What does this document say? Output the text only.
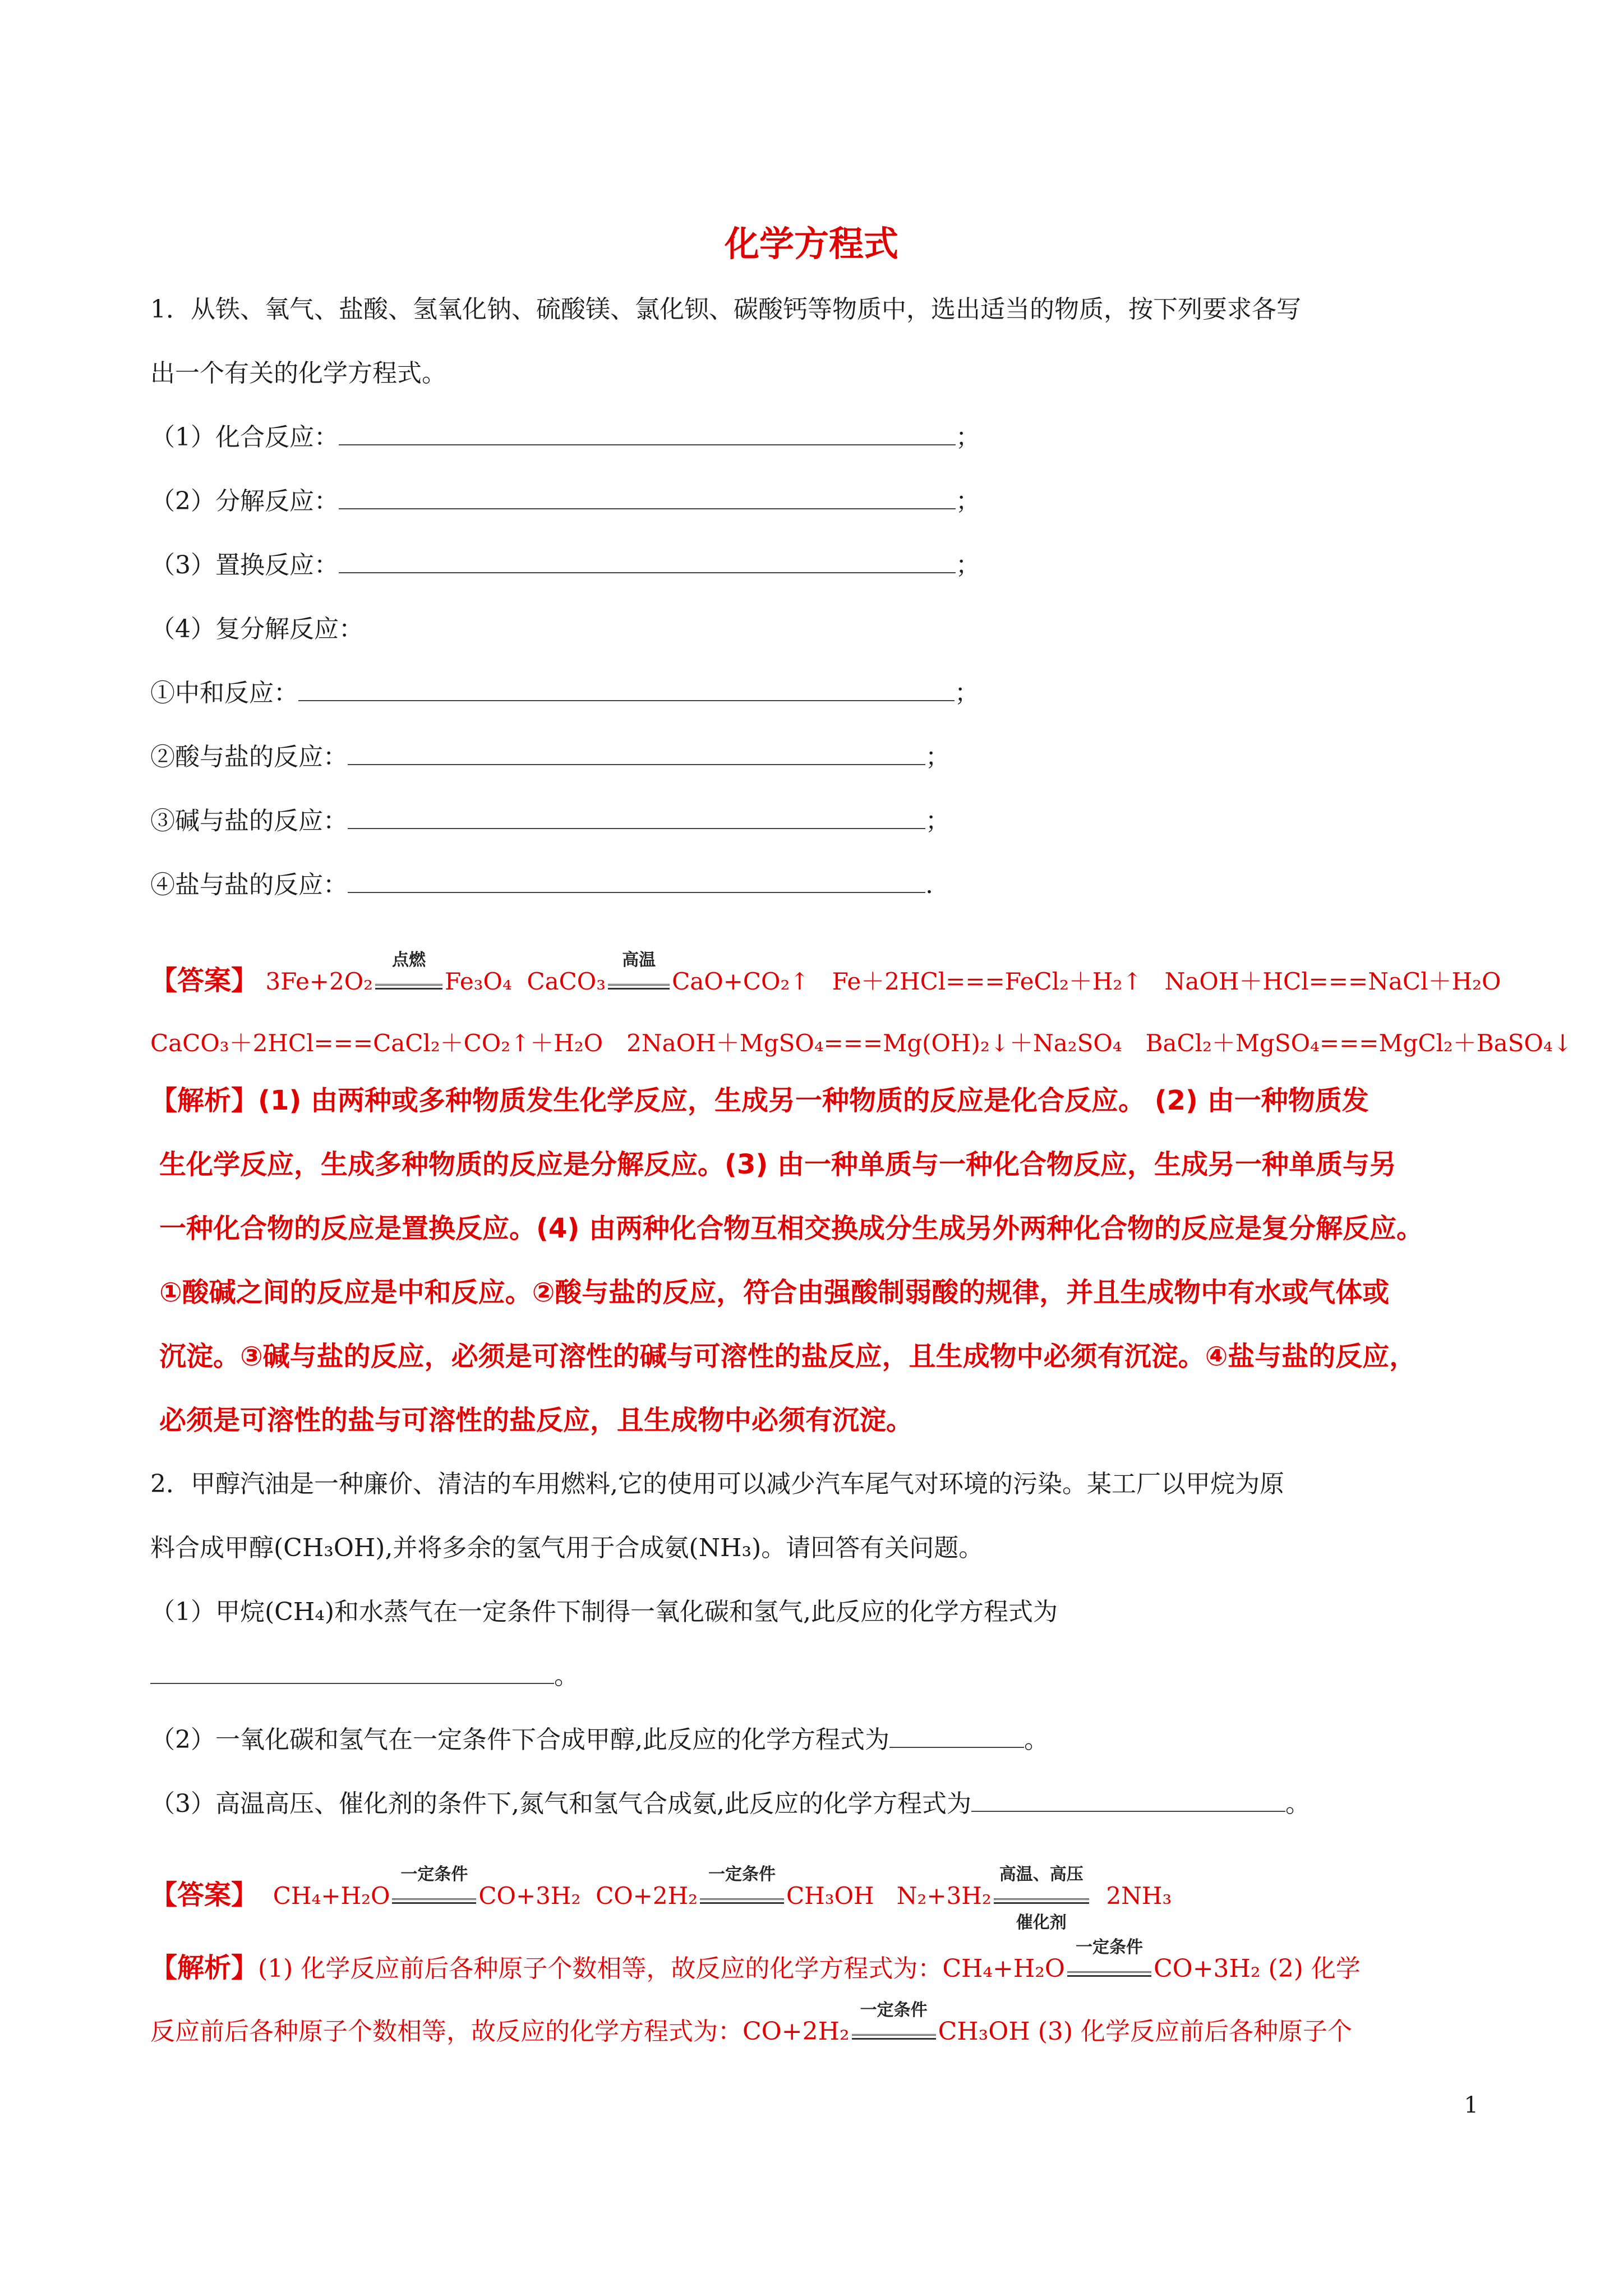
化学方程式
1．从铁、氧气、盐酸、氢氧化钠、硫酸镁、氯化钡、碳酸钙等物质中，选出适当的物质，按下列要求各写
出一个有关的化学方程式。
（1）化合反应：	；
（2）分解反应：	；
（3）置换反应：	；
（4）复分解反应：
①中和反应：	；
②酸与盐的反应：	；
③碱与盐的反应：	；
④盐与盐的反应：	.
【答案】 3Fe+2O₂
点燃
Fe₃O₄ CaCO₃
高温
CaO+CO₂↑ Fe＋2HCl===FeCl₂＋H₂↑ NaOH＋HCl===NaCl＋H₂O
CaCO₃＋2HCl===CaCl₂＋CO₂↑＋H₂O　2NaOH＋MgSO₄===Mg(OH)₂↓＋Na₂SO₄　BaCl₂＋MgSO₄===MgCl₂＋BaSO₄↓
【解析】(1) 由两种或多种物质发生化学反应，生成另一种物质的反应是化合反应。 (2) 由一种物质发
生化学反应，生成多种物质的反应是分解反应。(3) 由一种单质与一种化合物反应，生成另一种单质与另
一种化合物的反应是置换反应。(4) 由两种化合物互相交换成分生成另外两种化合物的反应是复分解反应。
①酸碱之间的反应是中和反应。②酸与盐的反应，符合由强酸制弱酸的规律，并且生成物中有水或气体或
沉淀。③碱与盐的反应，必须是可溶性的碱与可溶性的盐反应，且生成物中必须有沉淀。④盐与盐的反应，
必须是可溶性的盐与可溶性的盐反应，且生成物中必须有沉淀。
2．甲醇汽油是一种廉价、清洁的车用燃料,它的使用可以减少汽车尾气对环境的污染。某工厂以甲烷为原
料合成甲醇(CH₃OH),并将多余的氢气用于合成氨(NH₃)。请回答有关问题。
（1）甲烷(CH₄)和水蒸气在一定条件下制得一氧化碳和氢气,此反应的化学方程式为
。
（2）一氧化碳和氢气在一定条件下合成甲醇,此反应的化学方程式为	。
（3）高温高压、催化剂的条件下,氮气和氢气合成氨,此反应的化学方程式为	。
【答案】 CH₄+H₂O
一定条件
CO+3H₂ CO+2H₂
一定条件
CH₃OH N₂+3H₂
高温、高压
催化剂
2NH₃
【解析】(1) 化学反应前后各种原子个数相等，故反应的化学方程式为：CH₄+H₂O
一定条件
CO+3H₂ (2) 化学
反应前后各种原子个数相等，故反应的化学方程式为：CO+2H₂
一定条件
CH₃OH (3) 化学反应前后各种原子个
1
